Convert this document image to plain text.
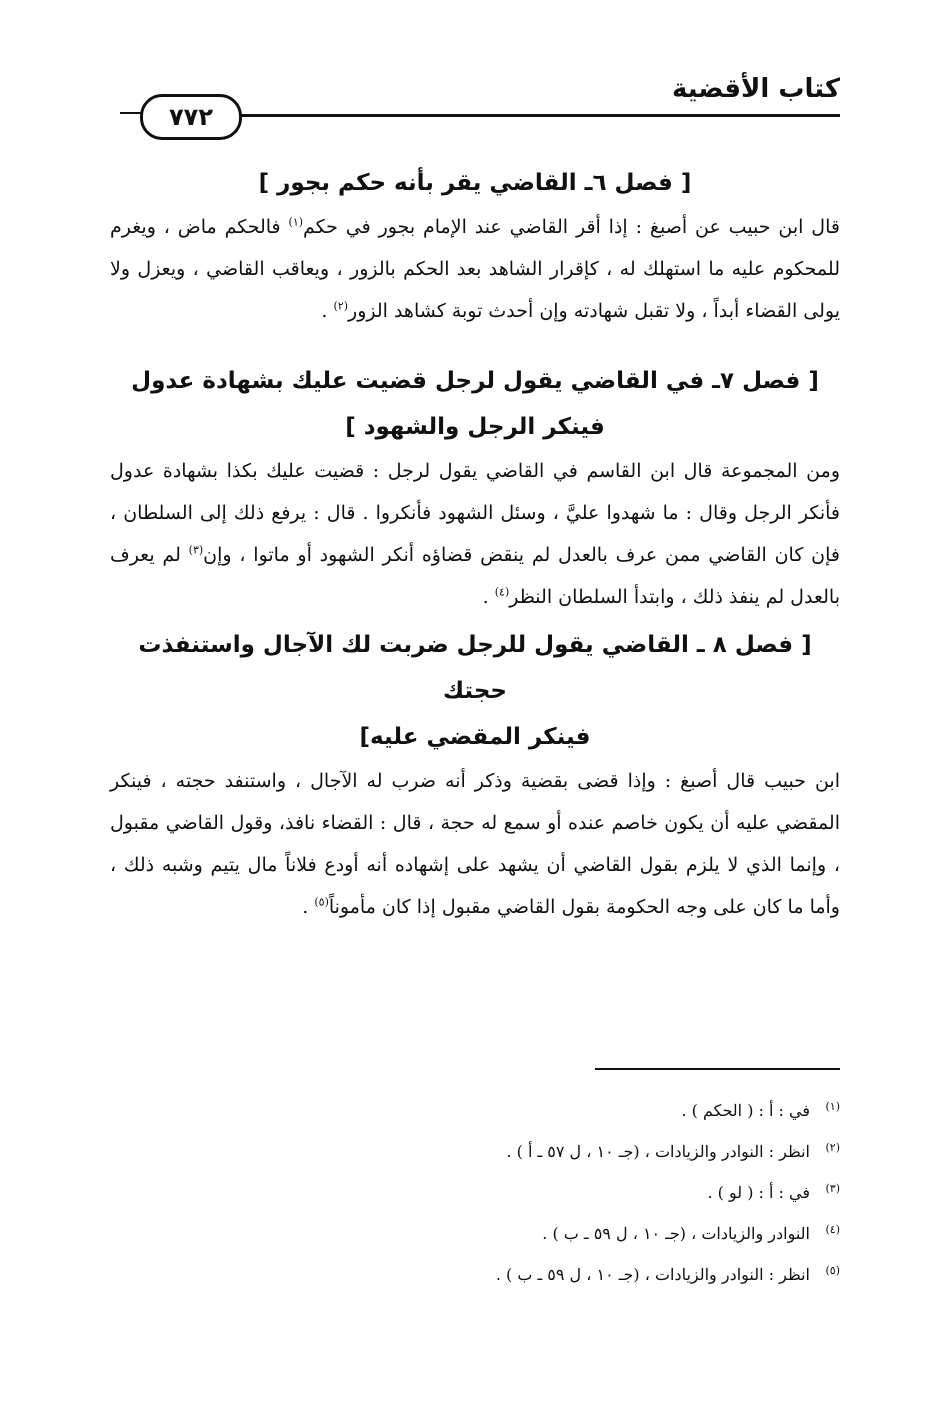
كتاب الأقضية
٧٧٢
[ فصل ٦ـ القاضي يقر بأنه حكم بجور ]

قال ابن حبيب عن أصبغ : إذا أقر القاضي عند الإمام بجور في حكم$^{(١)}$ فالحكم ماض ، ويغرم للمحكوم عليه ما استهلك له ، كإقرار الشاهد بعد الحكم بالزور ، ويعاقب القاضي ، ويعزل ولا يولى القضاء أبداً ، ولا تقبل شهادته وإن أحدث توبة كشاهد الزور$^{(٢)}$ .

[ فصل ٧ـ في القاضي يقول لرجل قضيت عليك بشهادة عدول
فينكر الرجل والشهود ]

ومن المجموعة قال ابن القاسم في القاضي يقول لرجل : قضيت عليك بكذا بشهادة عدول فأنكر الرجل وقال : ما شهدوا عليَّ ، وسئل الشهود فأنكروا . قال : يرفع ذلك إلى السلطان ، فإن كان القاضي ممن عرف بالعدل لم ينقض قضاؤه أنكر الشهود أو ماتوا ، وإن$^{(٣)}$ لم يعرف بالعدل لم ينفذ ذلك ، وابتدأ السلطان النظر$^{(٤)}$ .

[ فصل ٨ ـ القاضي يقول للرجل ضربت لك الآجال واستنفذت حجتك
فينكر المقضي عليه]

ابن حبيب قال أصبغ : وإذا قضى بقضية وذكر أنه ضرب له الآجال ، واستنفد حجته ، فينكر المقضي عليه أن يكون خاصم عنده أو سمع له حجة ، قال : القضاء نافذ، وقول القاضي مقبول ، وإنما الذي لا يلزم بقول القاضي أن يشهد على إشهاده أنه أودع فلاناً مال يتيم وشبه ذلك ، وأما ما كان على وجه الحكومة بقول القاضي مقبول إذا كان مأموناً$^{(٥)}$ .

(١)في : أ : ( الحكم ) .

(٢)انظر : النوادر والزيادات ، (جـ ١٠ ، ل ٥٧ ـ أ ) .

(٣)في : أ : ( لو ) .

(٤)النوادر والزيادات ، (جـ ١٠ ، ل ٥٩ ـ ب ) .

(٥)انظر : النوادر والزيادات ، (جـ ١٠ ، ل ٥٩ ـ ب ) .
